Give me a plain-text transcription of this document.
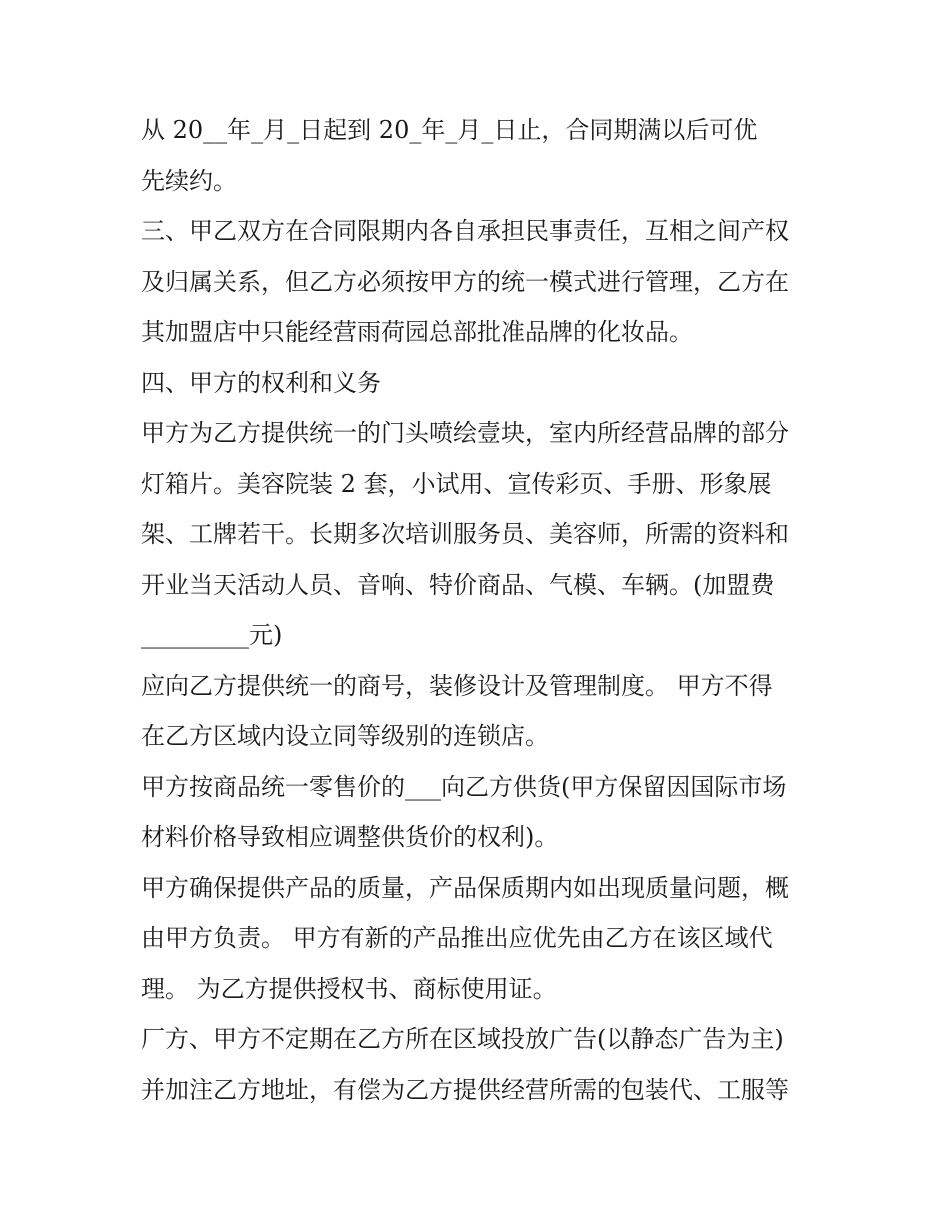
从 20__年_月_日起到 20_年_月_日止，合同期满以后可优

先续约。

三、甲乙双方在合同限期内各自承担民事责任，互相之间产权

及归属关系，但乙方必须按甲方的统一模式进行管理，乙方在

其加盟店中只能经营雨荷园总部批准品牌的化妆品。

四、甲方的权利和义务

甲方为乙方提供统一的门头喷绘壹块，室内所经营品牌的部分

灯箱片。美容院装 2 套，小试用、宣传彩页、手册、形象展

架、工牌若干。长期多次培训服务员、美容师，所需的资料和

开业当天活动人员、音响、特价商品、气模、车辆。(加盟费

_________元)

应向乙方提供统一的商号，装修设计及管理制度。 甲方不得

在乙方区域内设立同等级别的连锁店。

甲方按商品统一零售价的___向乙方供货(甲方保留因国际市场

材料价格导致相应调整供货价的权利)。

甲方确保提供产品的质量，产品保质期内如出现质量问题，概

由甲方负责。 甲方有新的产品推出应优先由乙方在该区域代

理。 为乙方提供授权书、商标使用证。

厂方、甲方不定期在乙方所在区域投放广告(以静态广告为主)

并加注乙方地址，有偿为乙方提供经营所需的包装代、工服等
